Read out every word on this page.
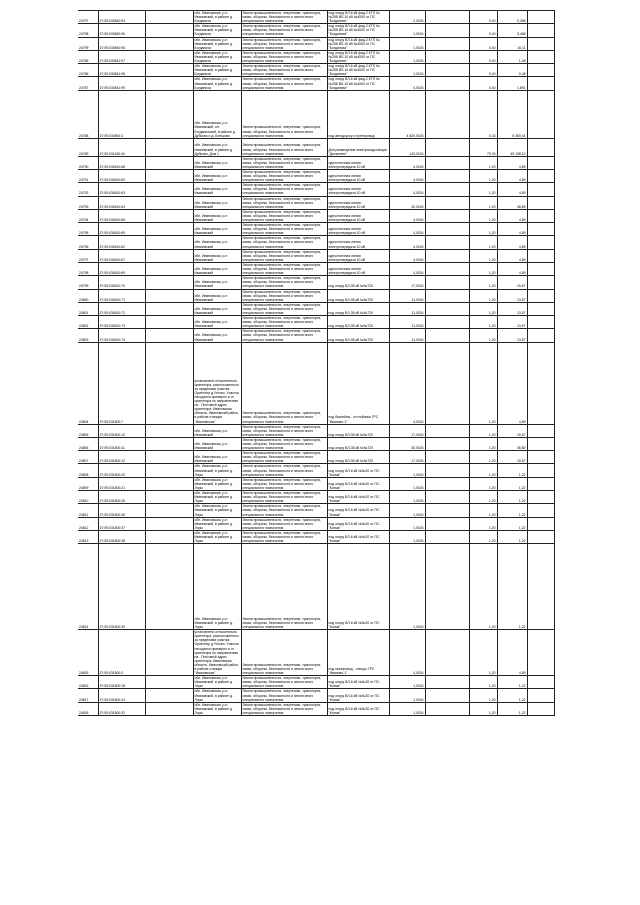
24797	37:05:030840:94		обл. Ивановская, р-н Ивановский, в районе д. Богданиха	Земли промышленности, энергетики, транспорта, связи, обороны, безопасности и земли иного специального назначения	под опору ВЛ-6 кВ фид.2 КТП №№258 ВЛ-10 кВ №4000 от ПС "Богданиха"	2,0024		0,40	0,498	
24798	37:05:030840:95		обл. Ивановская, р-н Ивановский, в районе д. Богданиха	Земли промышленности, энергетики, транспорта, связи, обороны, безопасности и земли иного специального назначения	под опору ВЛ-6 кВ фид.2 КТП №№258 ВЛ-10 кВ №4000 от ПС "Богданиха"	1,0024		0,40	3,468	
24799	37:05:030840:96		обл. Ивановская, р-н Ивановский, в районе д. Богданиха	Земли промышленности, энергетики, транспорта, связи, обороны, безопасности и земли иного специального назначения	под опору ВЛ-6 кВ фид.2 КТП №№258 ВЛ-10 кВ №4000 от ПС "Богданиха"	1,0024		0,40	16,11	
24785	37:05:030841:97		обл. Ивановская, р-н Ивановский, в районе д. Богданиха	Земли промышленности, энергетики, транспорта, связи, обороны, безопасности и земли иного специального назначения	под опору ВЛ-6 кВ фид.2 КТП №№258 ВЛ-10 кВ №4000 от ПС "Богданиха"	1,0024		0,40	1,48	
24786	37:05:030841:98		обл. Ивановская, р-н Ивановский, в районе д. Богданиха	Земли промышленности, энергетики, транспорта, связи, обороны, безопасности и земли иного специального назначения	под опору ВЛ-6 кВ фид.2 КТП №№258 ВЛ-10 кВ №4000 от ПС "Богданиха"	1,0024		0,40	0,48	
24787	37:05:030841:99		обл. Ивановская, р-н Ивановский, в районе д. Богданиха	Земли промышленности, энергетики, транспорта, связи, обороны, безопасности и земли иного специального назначения	под опору ВЛ-6 кВ фид.2 КТП №№258 ВЛ-10 кВ №4000 от ПС "Богданиха"	4,0024		0,40	1,891	
24788	37:05:030800:3		обл. Ивановская, р-н Ивановский, с/с Богданихский, в районе д. Дубково и д. Бельково	Земли промышленности, энергетики, транспорта, связи, обороны, безопасности и земли иного специального назначения	под автодорогу и путепровод	4 820,0024		0,33	5 350,41	
24789	37:05:031106:40		обл. Ивановская, р-н Ивановский, в районе д. Дубково, Дом 1	Земли промышленности, энергетики, транспорта, связи, обороны, безопасности и земли иного специального назначения	Для размещения электроподстанции "Дюльнево"	143,0024		79,33	49 108,10	
24790	37:05:030610:68		обл. Ивановская, р-н Ивановский	Земли промышленности, энергетики, транспорта, связи, обороны, безопасности и земли иного специального назначения	одностоечная линия электропередачи 10 кВ	4,0024		1,20	4,89	
24791	37:05:030610:60		обл. Ивановская, р-н Ивановский	Земли промышленности, энергетики, транспорта, связи, обороны, безопасности и земли иного специального назначения	одностоечная линия электропередачи 10 кВ	4,0024		1,20	4,89	
24792	37:05:030610:63		обл. Ивановская, р-н Ивановский	Земли промышленности, энергетики, транспорта, связи, обороны, безопасности и земли иного специального назначения	одностоечная линия электропередачи 10 кВ	4,0024		1,20	4,89	
24793	37:05:030610:64		обл. Ивановская, р-н Ивановский	Земли промышленности, энергетики, транспорта, связи, обороны, безопасности и земли иного специального назначения	одностоечная линия электропередачи 10 кВ	40,0024		1,20	48,89	
24794	37:05:030610:66		обл. Ивановская, р-н Ивановский	Земли промышленности, энергетики, транспорта, связи, обороны, безопасности и земли иного специального назначения	одностоечная линия электропередачи 10 кВ	4,0024		1,20	4,89	
24795	37:05:030610:65		обл. Ивановская, р-н Ивановский	Земли промышленности, энергетики, транспорта, связи, обороны, безопасности и земли иного специального назначения	одностоечная линия электропередачи 10 кВ	4,0024		1,20	4,89	
24796	37:05:030610:62		обл. Ивановская, р-н Ивановский	Земли промышленности, энергетики, транспорта, связи, обороны, безопасности и земли иного специального назначения	одностоечная линия электропередачи 10 кВ	4,0024		1,20	4,89	
24797	37:05:030610:67		обл. Ивановская, р-н Ивановский	Земли промышленности, энергетики, транспорта, связи, обороны, безопасности и земли иного специального назначения	одностоечная линия электропередачи 10 кВ	4,0024		1,20	4,89	
24798	37:05:030610:69		обл. Ивановская, р-н Ивановский	Земли промышленности, энергетики, транспорта, связи, обороны, безопасности и земли иного специального назначения	одностоечная линия электропередачи 10 кВ	4,0024		1,20	4,89	
24799	37:05:030610:70		обл. Ивановская, р-н Ивановский	Земли промышленности, энергетики, транспорта, связи, обороны, безопасности и земли иного специального назначения	под опору ВЛ-35 кВ №№720	17,0024		1,20	15,57	
24800	37:05:030610:71		обл. Ивановская, р-н Ивановский	Земли промышленности, энергетики, транспорта, связи, обороны, безопасности и земли иного специального назначения	под опору ВЛ-35 кВ №№720	11,0024		1,20	13,57	
24801	37:05:030610:72		обл. Ивановская, р-н Ивановский	Земли промышленности, энергетики, транспорта, связи, обороны, безопасности и земли иного специального назначения	под опору ВЛ-35 кВ №№720	11,0024		1,20	13,57	
24802	37:05:030610:73		обл. Ивановская, р-н Ивановский	Земли промышленности, энергетики, транспорта, связи, обороны, безопасности и земли иного специального назначения	под опору ВЛ-35 кВ №№720	11,0024		1,20	13,57	
24803	37:05:030610:74		обл. Ивановская, р-н Ивановский	Земли промышленности, энергетики, транспорта, связи, обороны, безопасности и земли иного специального назначения	под опору ВЛ-35 кВ №№720	11,0024		1,20	13,57	
24804	37:05:031800:7		установлено относительно ориентира, расположенного за пределами участка. Ориентир д.Углово. Участок находится примерно в от ориентира по направлению на . Почтовый адрес ориентира: Ивановская область, Ивановский район, в районе станции "Ивановская"	Земли промышленности, энергетики, транспорта, связи, обороны, безопасности и земли иного специального назначения	под бассейны - отстойники ГРС "Иваново-1"	4,0024		1,20	4,89	
24805	37:05:031800:10		обл. Ивановская, р-н Ивановский	Земли промышленности, энергетики, транспорта, связи, обороны, безопасности и земли иного специального назначения	под опору ВЛ-35 кВ №№720	17,0024		1,20	15,57	
24806	37:05:031800:11		обл. Ивановская, р-н Ивановский	Земли промышленности, энергетики, транспорта, связи, обороны, безопасности и земли иного специального назначения	под опору ВЛ-35 кВ №№720	30,0024		1,20	36,80	
24807	37:05:031800:12		обл. Ивановская, р-н Ивановский	Земли промышленности, энергетики, транспорта, связи, обороны, безопасности и земли иного специального назначения	под опору ВЛ-35 кВ №№720	17,0024		1,20	15,57	
24808	37:05:031800:20		обл. Ивановская, р-н Ивановский, в районе д. Лоры	Земли промышленности, энергетики, транспорта, связи, обороны, безопасности и земли иного специального назначения	под опору ВЛ-6 кВ №№20 от ПС "Кохма"	1,0024		1,20	1,22	
24809	37:05:031800:21		обл. Ивановская, р-н Ивановский, в районе д. Лоры	Земли промышленности, энергетики, транспорта, связи, обороны, безопасности и земли иного специального назначения	под опору ВЛ-6 кВ №№20 от ПС "Кохма"	1,0024		1,20	1,22	
24810	37:05:031800:26		обл. Ивановская, р-н Ивановский, в районе д. Лоры	Земли промышленности, энергетики, транспорта, связи, обороны, безопасности и земли иного специального назначения	под опору ВЛ-6 кВ №№20 от ПС "Кохма"	1,0024		1,20	1,22	
24811	37:05:031800:36		обл. Ивановская, р-н Ивановский, в районе д. Лоры	Земли промышленности, энергетики, транспорта, связи, обороны, безопасности и земли иного специального назначения	под опору ВЛ-6 кВ №№20 от ПС "Кохма"	1,0024		1,20	1,22	
24812	37:05:031800:37		обл. Ивановская, р-н Ивановский, в районе д. Лоры	Земли промышленности, энергетики, транспорта, связи, обороны, безопасности и земли иного специального назначения	под опору ВЛ-6 кВ №№20 от ПС "Кохма"	1,0024		1,20	1,22	
24813	37:05:031800:38		обл. Ивановская, р-н Ивановский, в районе д. Лоры	Земли промышленности, энергетики, транспорта, связи, обороны, безопасности и земли иного специального назначения	под опору ВЛ-6 кВ №№20 от ПС "Кохма"	1,0024		1,20	1,22	
24814	37:05:031800:39		обл. Ивановская, р-н Ивановский, в районе д. Лоры	Земли промышленности, энергетики, транспорта, связи, обороны, безопасности и земли иного специального назначения	под опору ВЛ-6 кВ №№20 от ПС "Кохма"	1,0024		1,20	1,22	
24815	37:05:031800:3		установлено относительно ориентира, расположенного за пределами участка. Ориентир д.Углово. Участок находится примерно в от ориентира по направлению на . Почтовый адрес ориентира: Ивановская область, Ивановский район, в районе станции "Ивановская"	Земли промышленности, энергетики, транспорта, связи, обороны, безопасности и земли иного специального назначения	под газопровод - отвод к ГРС "Иваново-1"	4,0024		1,20	4,89	
24816	37:05:031800:18		обл. Ивановская, р-н Ивановский, в районе д. Лоры	Земли промышленности, энергетики, транспорта, связи, обороны, безопасности и земли иного специального назначения	под опору ВЛ-6 кВ №№20 от ПС "Кохма"	1,0024		1,20	1,22	
24817	37:05:031800:24		обл. Ивановская, р-н Ивановский, в районе д. Лоры	Земли промышленности, энергетики, транспорта, связи, обороны, безопасности и земли иного специального назначения	под опору ВЛ-6 кВ №№20 от ПС "Кохма"	1,0024		1,20	1,22	
24818	37:05:031800:32		обл. Ивановская, р-н Ивановский, в районе д. Лоры	Земли промышленности, энергетики, транспорта, связи, обороны, безопасности и земли иного специального назначения	под опору ВЛ-6 кВ №№20 от ПС "Кохма"	1,0024		1,20	1,22	
